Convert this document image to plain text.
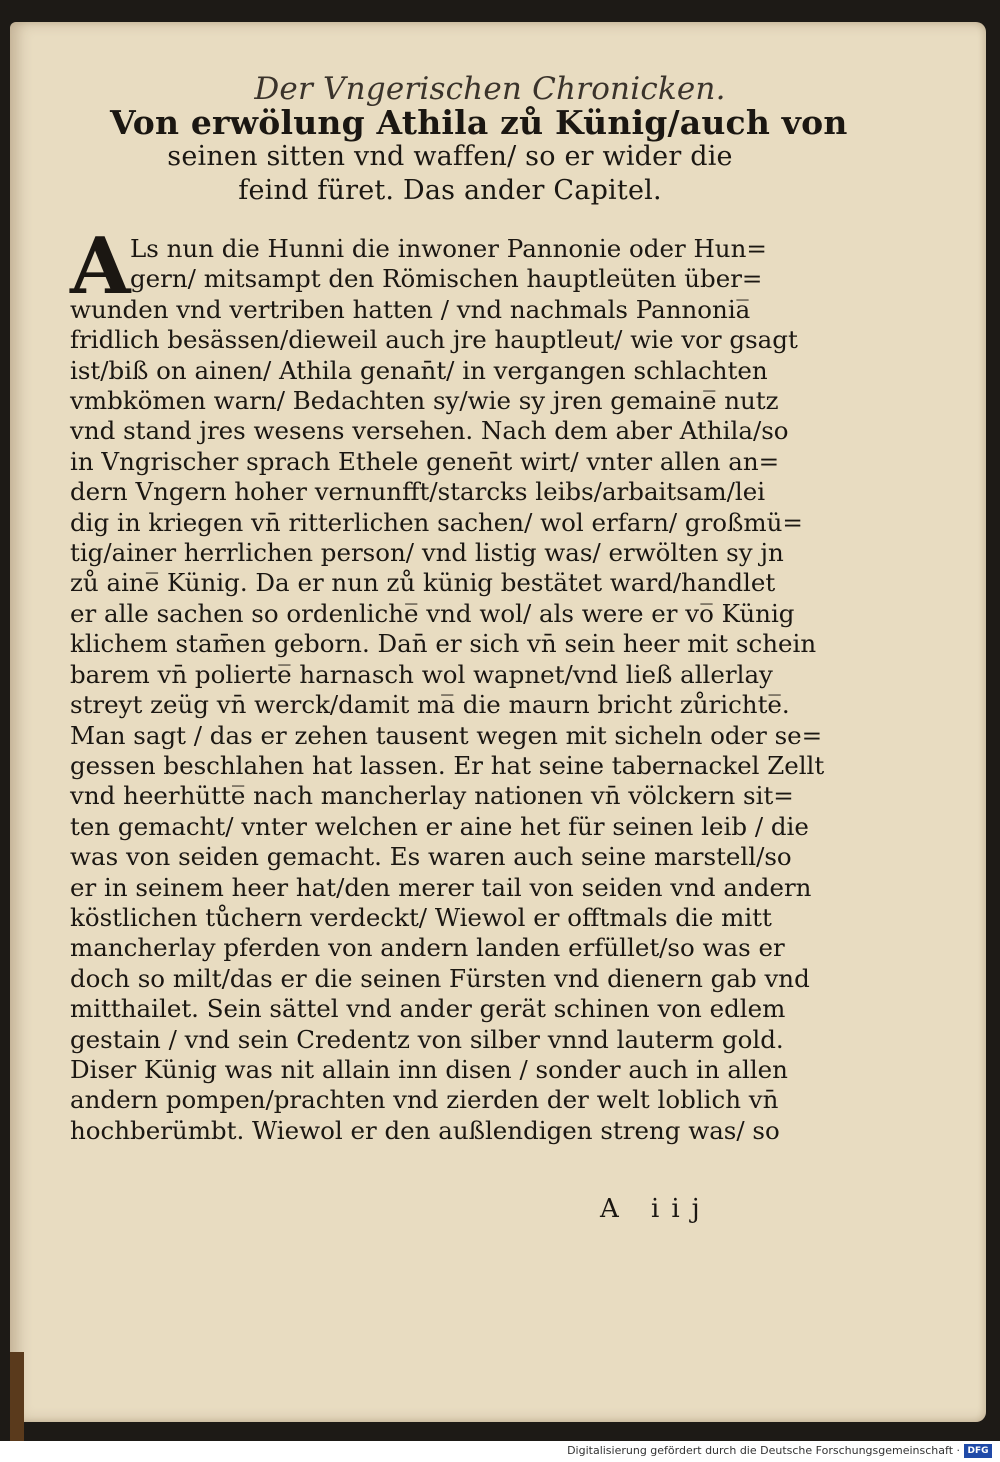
Der Vngerischen Chronicken.
Von erwölung Athila zů Künig/auch von
seinen sitten vnd waffen/ so er wider die
feind füret. Das ander Capitel.
A Ls nun die Hunni die inwoner Pannonie oder Hun=
gern/ mitsampt den Römischen hauptleüten über=
wunden vnd vertriben hatten / vnd nachmals Pannonia̅
fridlich besässen/dieweil auch jre hauptleut/ wie vor gsagt
ist/biß on ainen/ Athila genan̄t/ in vergangen schlachten
vmbkömen warn/ Bedachten sy/wie sy jren gemaine̅ nutz
vnd stand jres wesens versehen. Nach dem aber Athila/so
in Vngrischer sprach Ethele genen̄t wirt/ vnter allen an=
dern Vngern hoher vernunfft/starcks leibs/arbaitsam/lei
dig in kriegen vn̄ ritterlichen sachen/ wol erfarn/ großmü=
tig/ainer herrlichen person/ vnd listig was/ erwölten sy jn
zů aine̅ Künig. Da er nun zů künig bestätet ward/handlet
er alle sachen so ordenliche̅ vnd wol/ als were er vo̅ Künig
klichem stam̄en geborn. Dan̄ er sich vn̄ sein heer mit schein
barem vn̄ polierte̅ harnasch wol wapnet/vnd ließ allerlay
streyt zeüg vn̄ werck/damit ma̅ die maurn bricht zůrichte̅.
Man sagt / das er zehen tausent wegen mit sicheln oder se=
gessen beschlahen hat lassen. Er hat seine tabernackel Zellt
vnd heerhütte̅ nach mancherlay nationen vn̄ völckern sit=
ten gemacht/ vnter welchen er aine het für seinen leib / die
was von seiden gemacht. Es waren auch seine marstell/so
er in seinem heer hat/den merer tail von seiden vnd andern
köstlichen tůchern verdeckt/ Wiewol er offtmals die mitt
mancherlay pferden von andern landen erfüllet/so was er
doch so milt/das er die seinen Fürsten vnd dienern gab vnd
mitthailet. Sein sättel vnd ander gerät schinen von edlem
gestain / vnd sein Credentz von silber vnnd lauterm gold.
Diser Künig was nit allain inn disen / sonder auch in allen
andern pompen/prachten vnd zierden der welt loblich vn̄
hochberümbt. Wiewol er den außlendigen streng was/ so
A iij
Digitalisierung gefördert durch die Deutsche Forschungsgemeinschaft · DFG
